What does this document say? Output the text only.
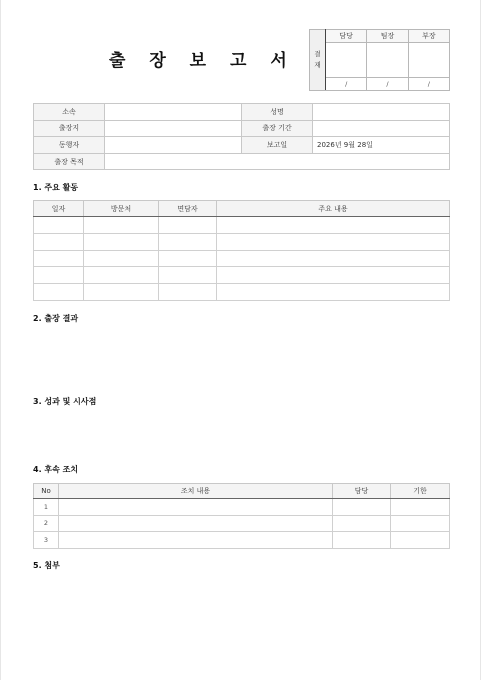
출 장 보 고 서	결
재	담당	팀장	부장

	/	/	/
소속		성명	
출장지		출장 기간	
동행자		보고일	2026년 9월 28일
출장 목적			
1. 주요 활동
일자	방문처	면담자	주요 내용

2. 출장 결과
3. 성과 및 시사점
4. 후속 조치
No	조치 내용	담당	기한
1			
2			
3			
5. 첨부
